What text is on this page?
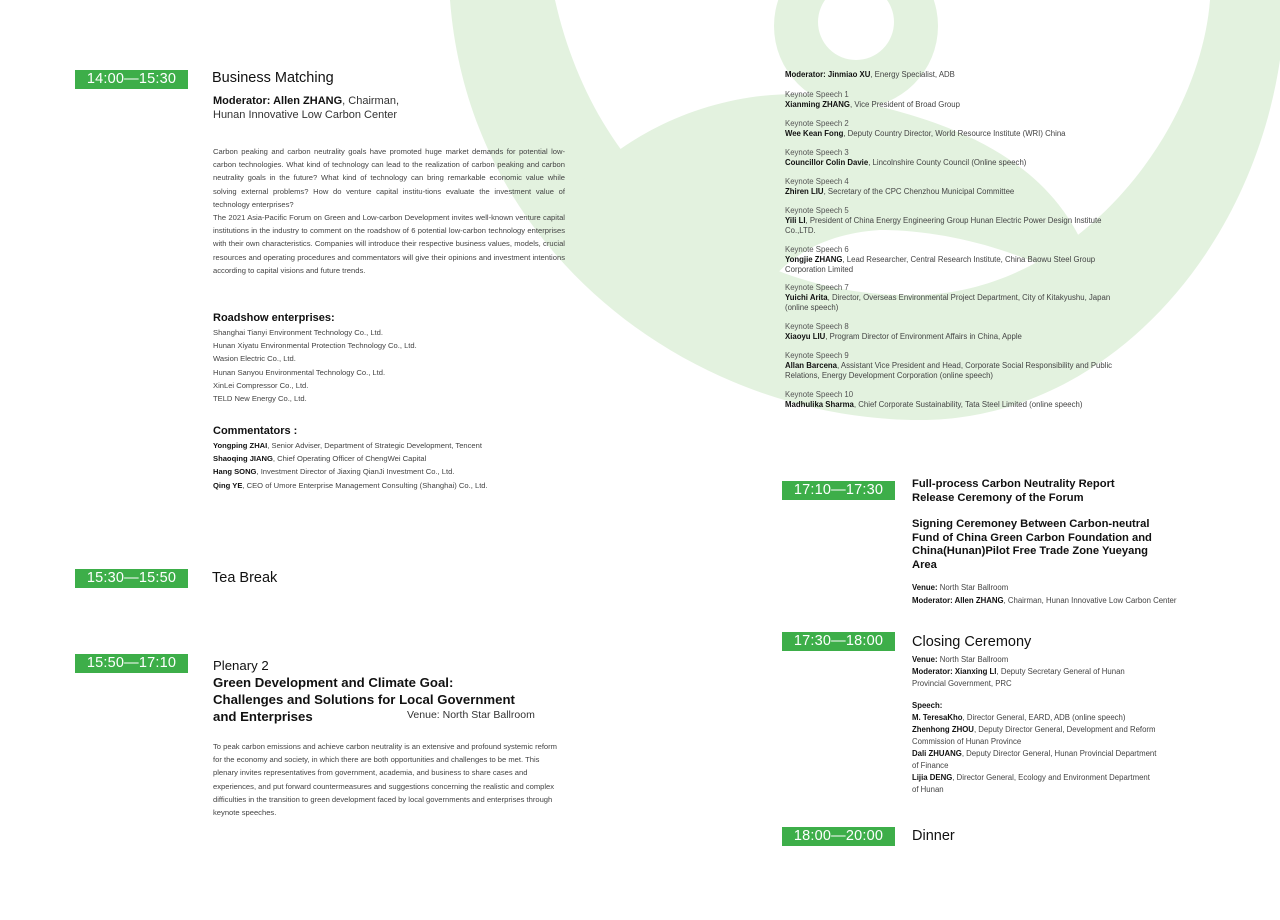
14:00—15:30	Business Matching
Moderator: Allen ZHANG, Chairman,
Hunan Innovative Low Carbon Center
Carbon peaking and carbon neutrality goals have promoted huge market demands for potential low-carbon technologies. What kind of technology can lead to the realization of carbon peaking and carbon neutrality goals in the future? What kind of technology can bring remarkable economic value while solving external problems? How do venture capital institu-tions evaluate the investment value of technology enterprises?
The 2021 Asia-Pacific Forum on Green and Low-carbon Development invites well-known venture capital institutions in the industry to comment on the roadshow of 6 potential low-carbon technology enterprises with their own characteristics. Companies will introduce their respective business values, models, crucial resources and operating procedures and commentators will give their opinions and investment intentions according to capital visions and future trends.
Roadshow enterprises:
Shanghai Tianyi Environment Technology Co., Ltd.
Hunan Xiyatu Environmental Protection Technology Co., Ltd.
Wasion Electric Co., Ltd.
Hunan Sanyou Environmental Technology Co., Ltd.
XinLei Compressor Co., Ltd.
TELD New Energy Co., Ltd.
Commentators :
Yongping ZHAI, Senior Adviser, Department of Strategic Development, Tencent
Shaoqing JIANG, Chief Operating Officer of ChengWei Capital
Hang SONG, Investment Director of Jiaxing QianJi Investment Co., Ltd.
Qing YE, CEO of Umore Enterprise Management Consulting (Shanghai) Co., Ltd.
15:30—15:50	Tea Break
15:50—17:10	Plenary 2
Green Development and Climate Goal:
Challenges and Solutions for Local Government
and Enterprises	Venue: North Star Ballroom
To peak carbon emissions and achieve carbon neutrality is an extensive and profound systemic reform for the economy and society, in which there are both opportunities and challenges to be met. This plenary invites representatives from government, academia, and business to share cases and experiences, and put forward countermeasures and suggestions concerning the realistic and complex difficulties in the transition to green development faced by local governments and enterprises through keynote speeches.
Moderator: Jinmiao XU, Energy Specialist, ADB
Keynote Speech 1
Xianming ZHANG, Vice President of Broad Group
Keynote Speech 2
Wee Kean Fong, Deputy Country Director, World Resource Institute (WRI) China
Keynote Speech 3
Councillor Colin Davie, Lincolnshire County Council (Online speech)
Keynote Speech 4
Zhiren LIU, Secretary of the CPC Chenzhou Municipal Committee
Keynote Speech 5
Yili LI, President of China Energy Engineering Group Hunan Electric Power Design Institute Co.,LTD.
Keynote Speech 6
Yongjie ZHANG, Lead Researcher, Central Research Institute, China Baowu Steel Group Corporation Limited
Keynote Speech 7
Yuichi Arita, Director, Overseas Environmental Project Department, City of Kitakyushu, Japan (online speech)
Keynote Speech 8
Xiaoyu LIU, Program Director of Environment Affairs in China, Apple
Keynote Speech 9
Allan Barcena, Assistant Vice President and Head, Corporate Social Responsibility and Public Relations, Energy Development Corporation (online speech)
Keynote Speech 10
Madhulika Sharma, Chief Corporate Sustainability, Tata Steel Limited (online speech)
17:10—17:30	Full-process Carbon Neutrality Report
Release Ceremony of the Forum
Signing Ceremoney Between Carbon-neutral
Fund of China Green Carbon Foundation and
China(Hunan)Pilot Free Trade Zone Yueyang
Area
Venue: North Star Ballroom
Moderator: Allen ZHANG, Chairman, Hunan Innovative Low Carbon Center
17:30—18:00	Closing Ceremony
Venue: North Star Ballroom
Moderator: Xianxing LI, Deputy Secretary General of Hunan Provincial Government, PRC
Speech:
M. TeresaKho, Director General, EARD, ADB (online speech)
Zhenhong ZHOU, Deputy Director General, Development and Reform Commission of Hunan Province
Dali ZHUANG, Deputy Director General, Hunan Provincial Department of Finance
Lijia DENG, Director General, Ecology and Environment Department of Hunan
18:00—20:00	Dinner
